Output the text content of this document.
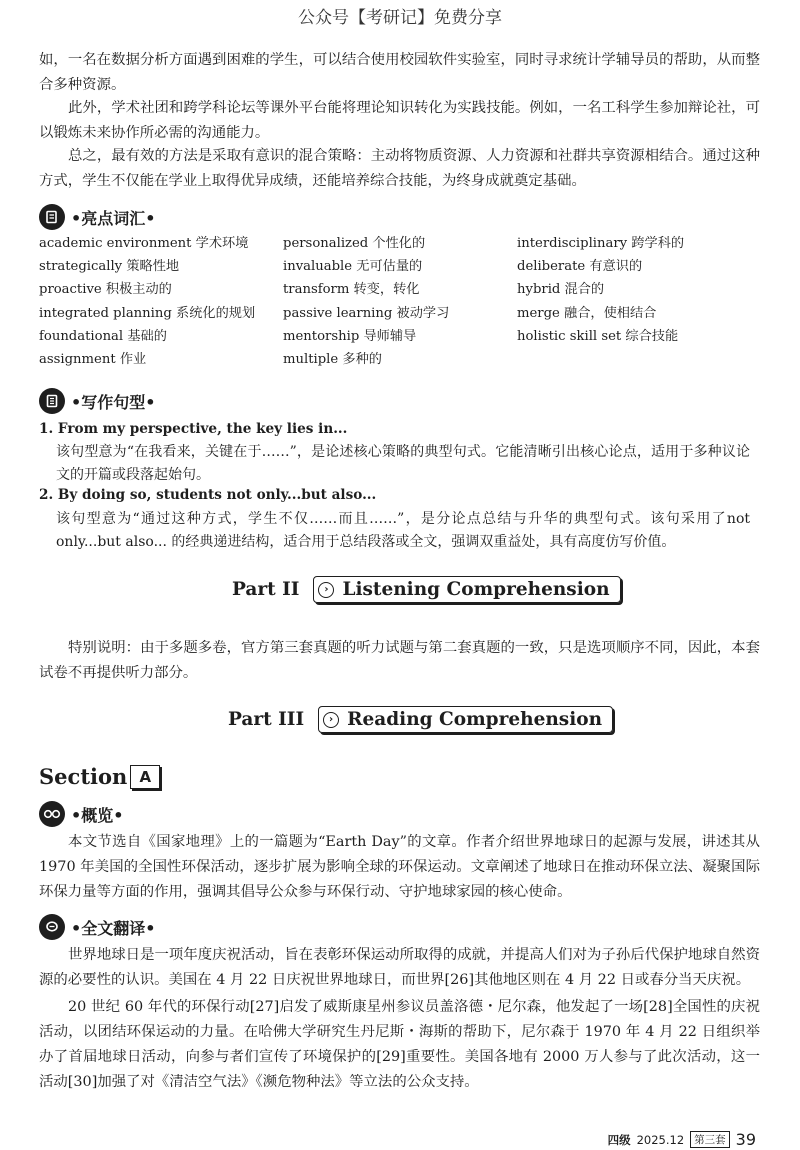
公众号【考研记】免费分享

如，一名在数据分析方面遇到困难的学生，可以结合使用校园软件实验室，同时寻求统计学辅导员的帮助，从而整合多种资源。

此外，学术社团和跨学科论坛等课外平台能将理论知识转化为实践技能。例如，一名工科学生参加辩论社，可以锻炼未来协作所必需的沟通能力。

总之，最有效的方法是采取有意识的混合策略：主动将物质资源、人力资源和社群共享资源相结合。通过这种方式，学生不仅能在学业上取得优异成绩，还能培养综合技能，为终身成就奠定基础。

•亮点词汇•
academic environment 学术环境	personalized 个性化的	interdisciplinary 跨学科的
strategically 策略性地	invaluable 无可估量的	deliberate 有意识的
proactive 积极主动的	transform 转变，转化	hybrid 混合的
integrated planning 系统化的规划	passive learning 被动学习	merge 融合，使相结合
foundational 基础的	mentorship 导师辅导	holistic skill set 综合技能
assignment 作业	multiple 多种的
•写作句型•
1. From my perspective, the key lies in...

该句型意为“在我看来，关键在于……”，是论述核心策略的典型句式。它能清晰引出核心论点，适用于多种议论文的开篇或段落起始句。

2. By doing so, students not only...but also...

该句型意为“通过这种方式，学生不仅……而且……”，是分论点总结与升华的典型句式。该句采用了not only...but also... 的经典递进结构，适合用于总结段落或全文，强调双重益处，具有高度仿写价值。

Part II	› Listening Comprehension

特别说明：由于多题多卷，官方第三套真题的听力试题与第二套真题的一致，只是选项顺序不同，因此，本套试卷不再提供听力部分。

Part III	› Reading Comprehension
Section A
•概览•

本文节选自《国家地理》上的一篇题为“Earth Day”的文章。作者介绍世界地球日的起源与发展，讲述其从 1970 年美国的全国性环保活动，逐步扩展为影响全球的环保运动。文章阐述了地球日在推动环保立法、凝聚国际环保力量等方面的作用，强调其倡导公众参与环保行动、守护地球家园的核心使命。

•全文翻译•

世界地球日是一项年度庆祝活动，旨在表彰环保运动所取得的成就，并提高人们对为子孙后代保护地球自然资源的必要性的认识。美国在 4 月 22 日庆祝世界地球日，而世界[26]其他地区则在 4 月 22 日或春分当天庆祝。

20 世纪 60 年代的环保行动[27]启发了威斯康星州参议员盖洛德・尼尔森，他发起了一场[28]全国性的庆祝活动，以团结环保运动的力量。在哈佛大学研究生丹尼斯・海斯的帮助下，尼尔森于 1970 年 4 月 22 日组织举办了首届地球日活动，向参与者们宣传了环境保护的[29]重要性。美国各地有 2000 万人参与了此次活动，这一活动[30]加强了对《清洁空气法》《濒危物种法》等立法的公众支持。

四级 2025.12 第三套 39
